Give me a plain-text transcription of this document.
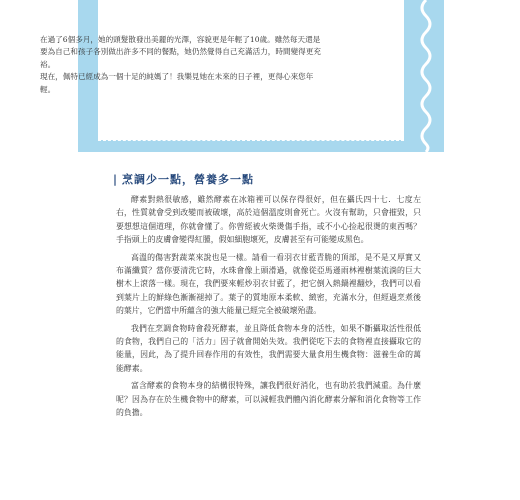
在過了6個多月，她的頭髮散發出美麗的光澤，容貌更是年輕了10歲。雖然每天還是要為自己和孩子各別做出許多不同的餐點，她仍然覺得自己充滿活力，時間變得更充裕。

現在，佩特已經成為一個十足的純媽了！我樂見她在未來的日子裡，更得心來您年輕。

| 烹調少一點，營養多一點

酵素對熱很敏感，雖然酵素在冰箱裡可以保存得很好，但在攝氏四十七．七度左右，性質就會受到改變而被破壞，高於這個溫度則會死亡。火沒有幫助，只會摧毀，只要想想這個道理，你就會懂了。你曾經被火柴燙傷手指，或不小心捡起很燙的東西嗎？手指頭上的皮膚會變得紅腫，假如細胞壞死，皮膚甚至有可能變成黑色。

高溫的傷害對蔬菜來說也是一樣。請看一看羽衣甘藍青脆的頂部，是不是又厚實又布滿纖質？當你要清洗它時，水珠會像上頭滑過，就像從亞馬遜雨林裡樹葉流淌的巨大樹木上滾落一樣。現在，我們要來輕炒羽衣甘藍了，把它倒入熱鍋裡翻炒，我們可以看到葉片上的鮮綠色漸漸褪掉了。葉子的質地原本柔軟、緻密，充滿水分，但經過烹煮後的葉片，它們當中所蘊含的強大能量已經完全被破壞殆盡。

我們在烹調食物時會殺死酵素，並且降低食物本身的活性，如果不斷攝取活性很低的食物，我們自己的「活力」因子就會開始失效。我們從吃下去的食物裡直接攝取它的能量，因此，為了提升回春作用的有效性，我們需要大量食用生機食物：滋養生命的萬能酵素。

富含酵素的食物本身的結構很特殊，讓我們很好消化，也有助於我們減重。為什麼呢？因為存在於生機食物中的酵素，可以減輕我們體內消化酵素分解和消化食物等工作的負擔。
